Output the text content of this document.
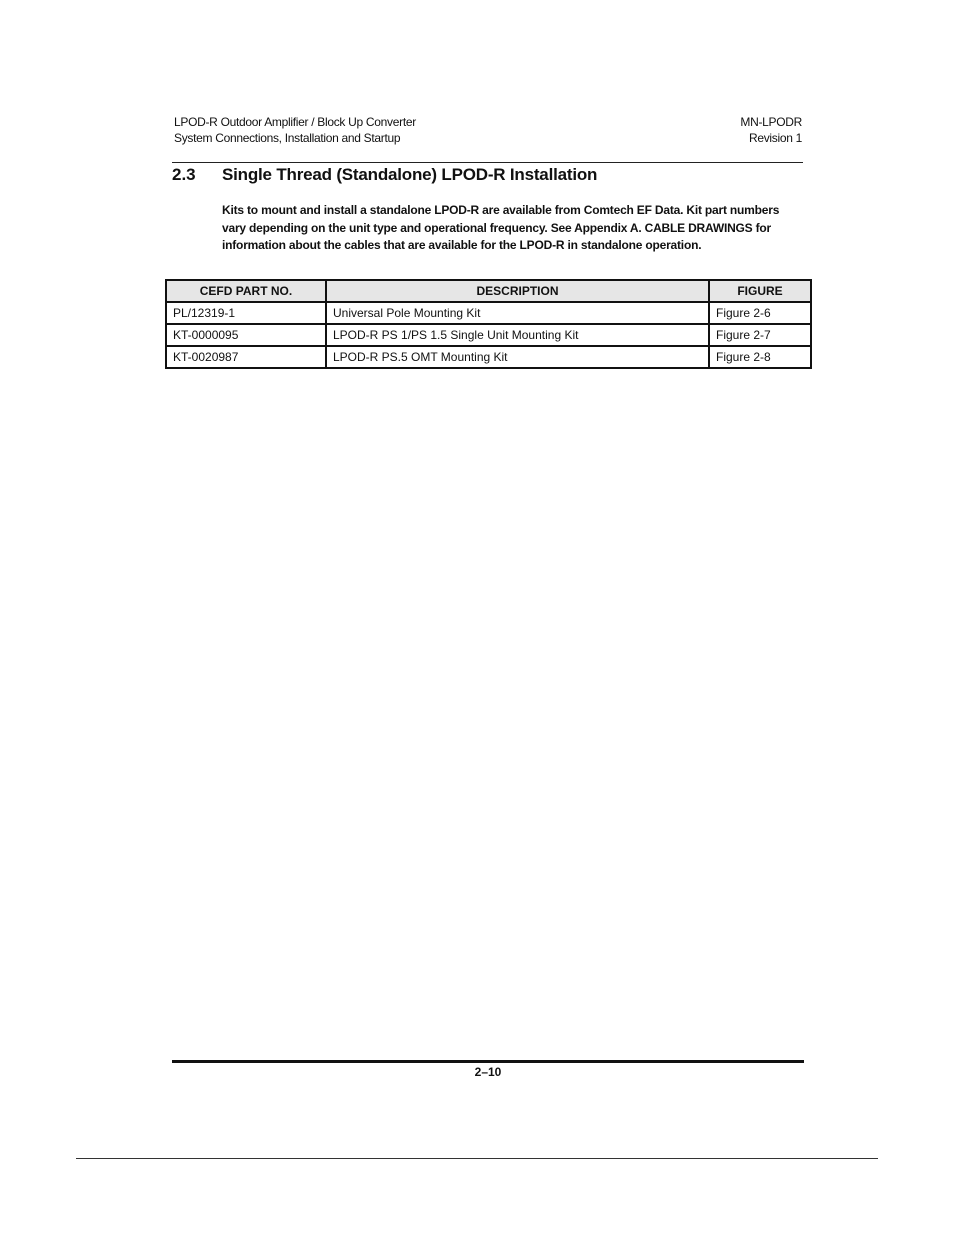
LPOD-R Outdoor Amplifier / Block Up Converter
System Connections, Installation and Startup
MN-LPODR
Revision 1
2.3 Single Thread (Standalone) LPOD-R Installation

Kits to mount and install a standalone LPOD-R are available from Comtech EF Data. Kit part numbers vary depending on the unit type and operational frequency. See Appendix A. CABLE DRAWINGS for information about the cables that are available for the LPOD-R in standalone operation.

CEFD PART NO.	DESCRIPTION	FIGURE
PL/12319-1	Universal Pole Mounting Kit	Figure 2-6
KT-0000095	LPOD-R PS 1/PS 1.5 Single Unit Mounting Kit	Figure 2-7
KT-0020987	LPOD-R PS.5 OMT Mounting Kit	Figure 2-8
2–10
